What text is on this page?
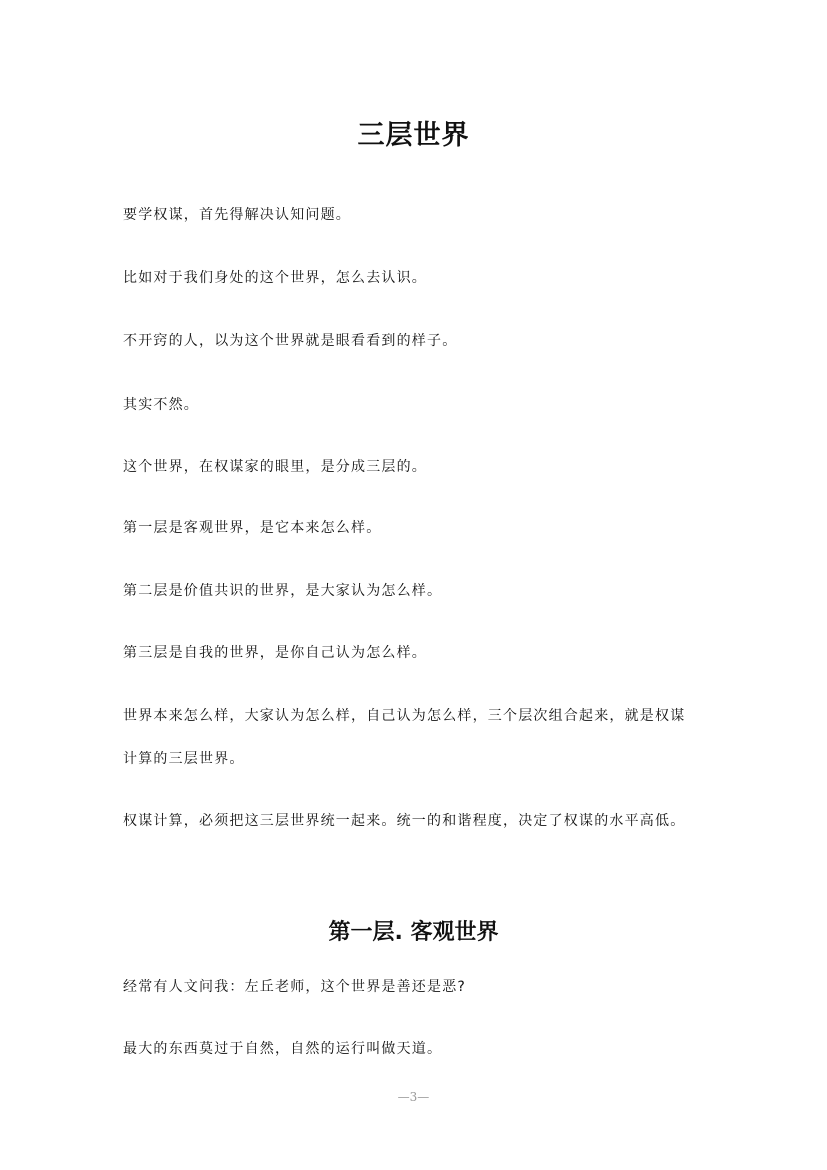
三层世界

要学权谋，首先得解决认知问题。

比如对于我们身处的这个世界，怎么去认识。

不开窍的人，以为这个世界就是眼看看到的样子。

其实不然。

这个世界，在权谋家的眼里，是分成三层的。

第一层是客观世界，是它本来怎么样。

第二层是价值共识的世界，是大家认为怎么样。

第三层是自我的世界，是你自己认为怎么样。

世界本来怎么样，大家认为怎么样，自己认为怎么样，三个层次组合起来，就是权谋计算的三层世界。

权谋计算，必须把这三层世界统一起来。统一的和谐程度，决定了权谋的水平高低。

第一层. 客观世界

经常有人文问我：左丘老师，这个世界是善还是恶?

最大的东西莫过于自然，自然的运行叫做天道。

—3—
